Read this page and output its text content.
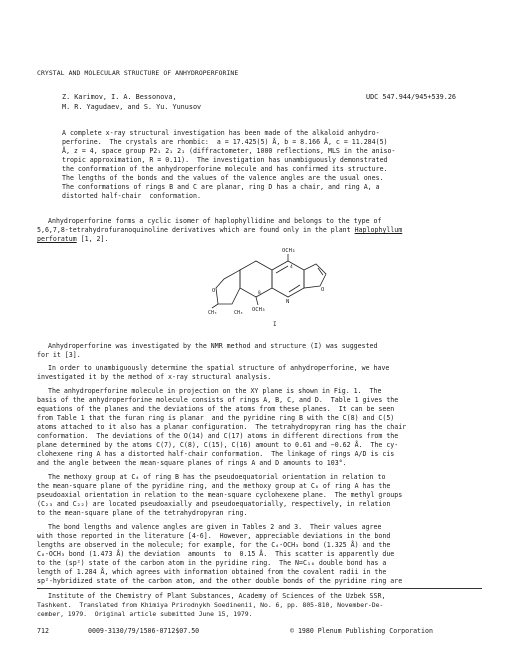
CRYSTAL AND MOLECULAR STRUCTURE OF ANHYDROPERFORINE
Z. Karimov, I. A. Bessonova,
M. R. Yagudaev, and S. Yu. Yunusov
UDC 547.944/945+539.26
A complete x-ray structural investigation has been made of the alkaloid anhydro-
perforine.  The crystals are rhombic:  a = 17.425(5) Å, b = 8.166 Å, c = 11.284(5)
Å, z = 4, space group P2₁ 2₁ 2₁ (diffractometer, 1000 reflections, MLS in the aniso-
tropic approximation, R = 0.11).  The investigation has unambiguously demonstrated
the conformation of the anhydroperforine molecule and has confirmed its structure.
The lengths of the bonds and the values of the valence angles are the usual ones.
The conformations of rings B and C are planar, ring D has a chair, and ring A, a
distorted half-chair  conformation.
Anhydroperforine forms a cyclic isomer of haplophyllidine and belongs to the type of
5,6,7,8-tetrahydrofuranoquinoline derivatives which are found only in the plant Haplophyllum
perforatum [1, 2].
OCH₃
OCH₃
CH₃	CH₃
4
8
O	O
N
I
Anhydroperforine was investigated by the NMR method and structure (I) was suggested
for it [3].
In order to unambiguously determine the spatial structure of anhydroperforine, we have
investigated it by the method of x-ray structural analysis.
The anhydroperforine molecule in projection on the XY plane is shown in Fig. 1.  The
basis of the anhydroperforine molecule consists of rings A, B, C, and D.  Table 1 gives the
equations of the planes and the deviations of the atoms from these planes.  It can be seen
from Table 1 that the furan ring is planar  and the pyridine ring B with the C(8) and C(5)
atoms attached to it also has a planar configuration.  The tetrahydropyran ring has the chair
conformation.  The deviations of the O(14) and C(17) atoms in different directions from the
plane determined by the atoms C(7), C(8), C(15), C(16) amount to 0.61 and −0.62 Å.  The cy-
clohexene ring A has a distorted half-chair conformation.  The linkage of rings A/D is cis
and the angle between the mean-square planes of rings A and D amounts to 103°.
The methoxy group at C₄ of ring B has the pseudoequatorial orientation in relation to
the mean-square plane of the pyridine ring, and the methoxy group at C₈ of ring A has the
pseudoaxial orientation in relation to the mean-square cyclohexene plane.  The methyl groups
(C₂₃ and C₂₂) are located pseudoaxially and pseudoequatorially, respectively, in relation
to the mean-square plane of the tetrahydropyran ring.
The bond lengths and valence angles are given in Tables 2 and 3.  Their values agree
with those reported in the literature [4-6].  However, appreciable deviations in the bond
lengths are observed in the molecule; for example, for the C₄-OCH₃ bond (1.325 Å) and the
C₈-OCH₃ bond (1.473 Å) the deviation  amounts  to  0.15 Å.  This scatter is apparently due
to the (sp²) state of the carbon atom in the pyridine ring.  The N=C₁₀ double bond has a
length of 1.284 Å, which agrees with information obtained from the covalent radii in the
sp²-hybridized state of the carbon atom, and the other double bonds of the pyridine ring are
Institute of the Chemistry of Plant Substances, Academy of Sciences of the Uzbek SSR,
Tashkent.  Translated from Khimiya Prirodnykh Soedinenii, No. 6, pp. 805-810, November-De-
cember, 1979.  Original article submitted June 15, 1979.
712	0009-3130/79/1506-0712$07.50	© 1980 Plenum Publishing Corporation
